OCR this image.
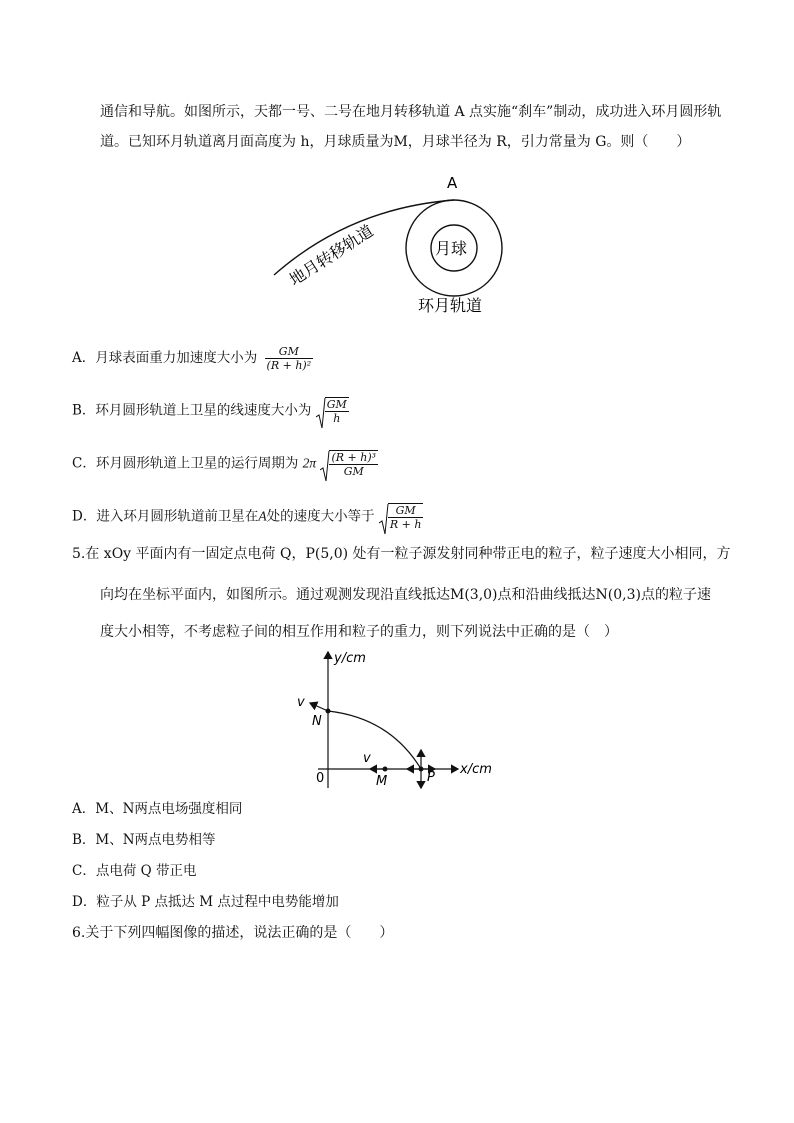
通信和导航。如图所示，天都一号、二号在地月转移轨道 A 点实施“刹车”制动，成功进入环月圆形轨
道。已知环月轨道离月面高度为 h，月球质量为M，月球半径为 R，引力常量为 G。则（　　）
A
月球
地月转移轨道
环月轨道
A．月球表面重力加速度大小为 $\frac{GM}{\text{(R + h)²}}$
B．环月圆形轨道上卫星的线速度大小为 $\frac{GM}{h}$
C．环月圆形轨道上卫星的运行周期为 $2\pi \frac{\text{(R + h)³}}{GM}$
D．进入环月圆形轨道前卫星在A处的速度大小等于 $\frac{GM}{R + h}$
5.在 xOy 平面内有一固定点电荷 Q，P(5,0) 处有一粒子源发射同种带正电的粒子，粒子速度大小相同，方
向均在坐标平面内，如图所示。通过观测发现沿直线抵达M(3,0)点和沿曲线抵达N(0,3)点的粒子速
度大小相等，不考虑粒子间的相互作用和粒子的重力，则下列说法中正确的是（　）
y/cm
x/cm
0
v
v
N
M	P
A．M、N两点电场强度相同
B．M、N两点电势相等
C．点电荷 Q 带正电
D．粒子从 P 点抵达 M 点过程中电势能增加
6.关于下列四幅图像的描述，说法正确的是（　　）
